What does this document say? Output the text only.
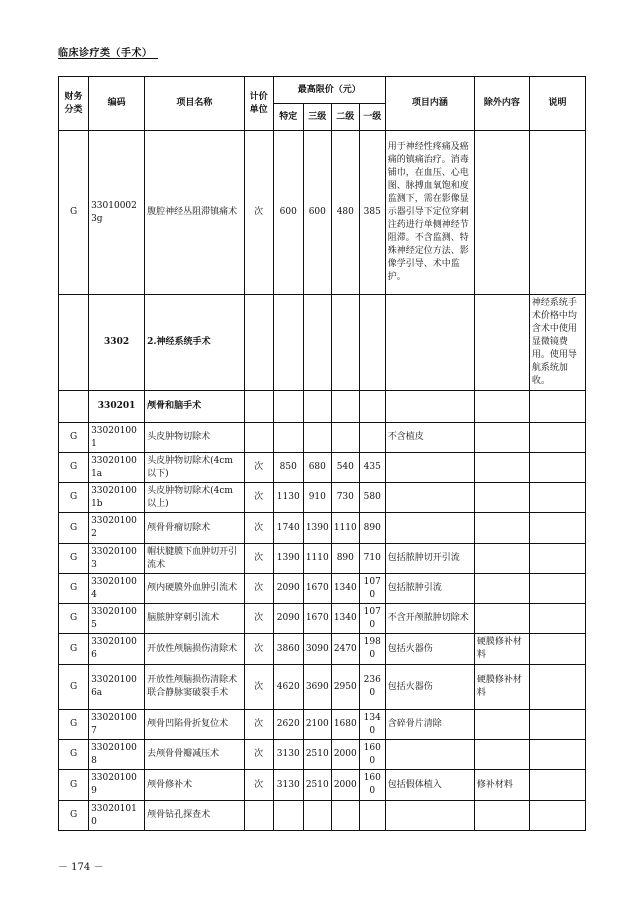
临床诊疗类（手术）
财务分类	编码	项目名称	计价单位	最高限价（元）				项目内涵	除外内容	说明
				特定	三级	二级	一级			
G	330100023g	腹腔神经丛阻滞镇痛术	次	600	600	480	385	用于神经性疼痛及癌痛的镇痛治疗。消毒铺巾，在血压、心电图、脉搏血氧饱和度监测下，需在影像显示器引导下定位穿刺注药进行单侧神经节阻滞。不含监测、特殊神经定位方法、影像学引导、术中监护。		
	3302	2.神经系统手术								神经系统手术价格中均含术中使用显微镜费用。使用导航系统加收。
	330201	颅骨和脑手术								
G	330201001	头皮肿物切除术						不含植皮		
G	330201001a	头皮肿物切除术(4cm以下)	次	850	680	540	435			
G	330201001b	头皮肿物切除术(4cm以上)	次	1130	910	730	580			
G	330201002	颅骨骨瘤切除术	次	1740	1390	1110	890			
G	330201003	帽状腱膜下血肿切开引流术	次	1390	1110	890	710	包括脓肿切开引流		
G	330201004	颅内硬膜外血肿引流术	次	2090	1670	1340	1070	包括脓肿引流		
G	330201005	脑脓肿穿刺引流术	次	2090	1670	1340	1070	不含开颅脓肿切除术		
G	330201006	开放性颅脑损伤清除术	次	3860	3090	2470	1980	包括火器伤	硬膜修补材料	
G	330201006a	开放性颅脑损伤清除术联合静脉窦破裂手术	次	4620	3690	2950	2360	包括火器伤	硬膜修补材料	
G	330201007	颅骨凹陷骨折复位术	次	2620	2100	1680	1340	含碎骨片清除		
G	330201008	去颅骨骨瓣减压术	次	3130	2510	2000	1600			
G	330201009	颅骨修补术	次	3130	2510	2000	1600	包括假体植入	修补材料	
G	330201010	颅骨钻孔探查术								
－ 174 －
